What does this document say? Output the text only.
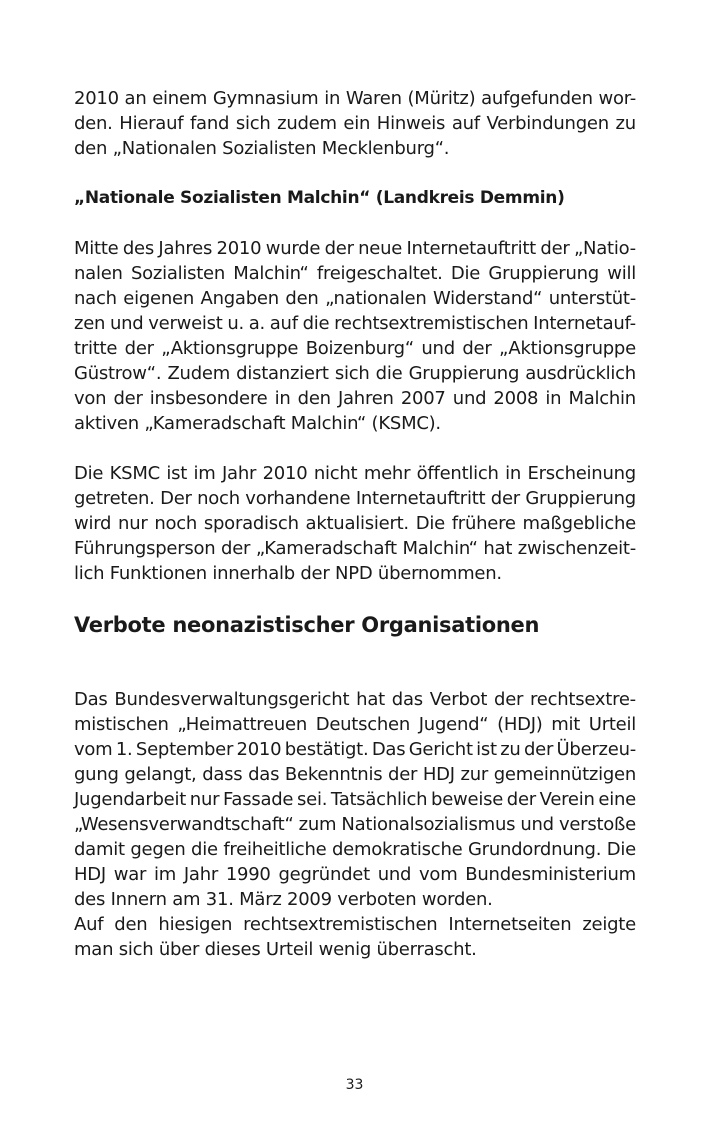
2010 an einem Gymnasium in Waren (Müritz) aufgefunden wor-
den. Hierauf fand sich zudem ein Hinweis auf Verbindungen zu
den „Nationalen Sozialisten Mecklenburg“.
„Nationale Sozialisten Malchin“ (Landkreis Demmin)
Mitte des Jahres 2010 wurde der neue Internetauftritt der „Natio-
nalen Sozialisten Malchin“ freigeschaltet. Die Gruppierung will
nach eigenen Angaben den „nationalen Widerstand“ unterstüt-
zen und verweist u. a. auf die rechtsextremistischen Internetauf-
tritte der „Aktionsgruppe Boizenburg“ und der „Aktionsgruppe
Güstrow“. Zudem distanziert sich die Gruppierung ausdrücklich
von der insbesondere in den Jahren 2007 und 2008 in Malchin
aktiven „Kameradschaft Malchin“ (KSMC).
Die KSMC ist im Jahr 2010 nicht mehr öffentlich in Erscheinung
getreten. Der noch vorhandene Internetauftritt der Gruppierung
wird nur noch sporadisch aktualisiert. Die frühere maßgebliche
Führungsperson der „Kameradschaft Malchin“ hat zwischenzeit-
lich Funktionen innerhalb der NPD übernommen.
Verbote neonazistischer Organisationen
Das Bundesverwaltungsgericht hat das Verbot der rechtsextre-
mistischen „Heimattreuen Deutschen Jugend“ (HDJ) mit Urteil
vom 1. September 2010 bestätigt. Das Gericht ist zu der Überzeu-
gung gelangt, dass das Bekenntnis der HDJ zur gemeinnützigen
Jugendarbeit nur Fassade sei. Tatsächlich beweise der Verein eine
„Wesensverwandtschaft“ zum Nationalsozialismus und verstoße
damit gegen die freiheitliche demokratische Grundordnung. Die
HDJ war im Jahr 1990 gegründet und vom Bundesministerium
des Innern am 31. März 2009 verboten worden.
Auf den hiesigen rechtsextremistischen Internetseiten zeigte
man sich über dieses Urteil wenig überrascht.
33
